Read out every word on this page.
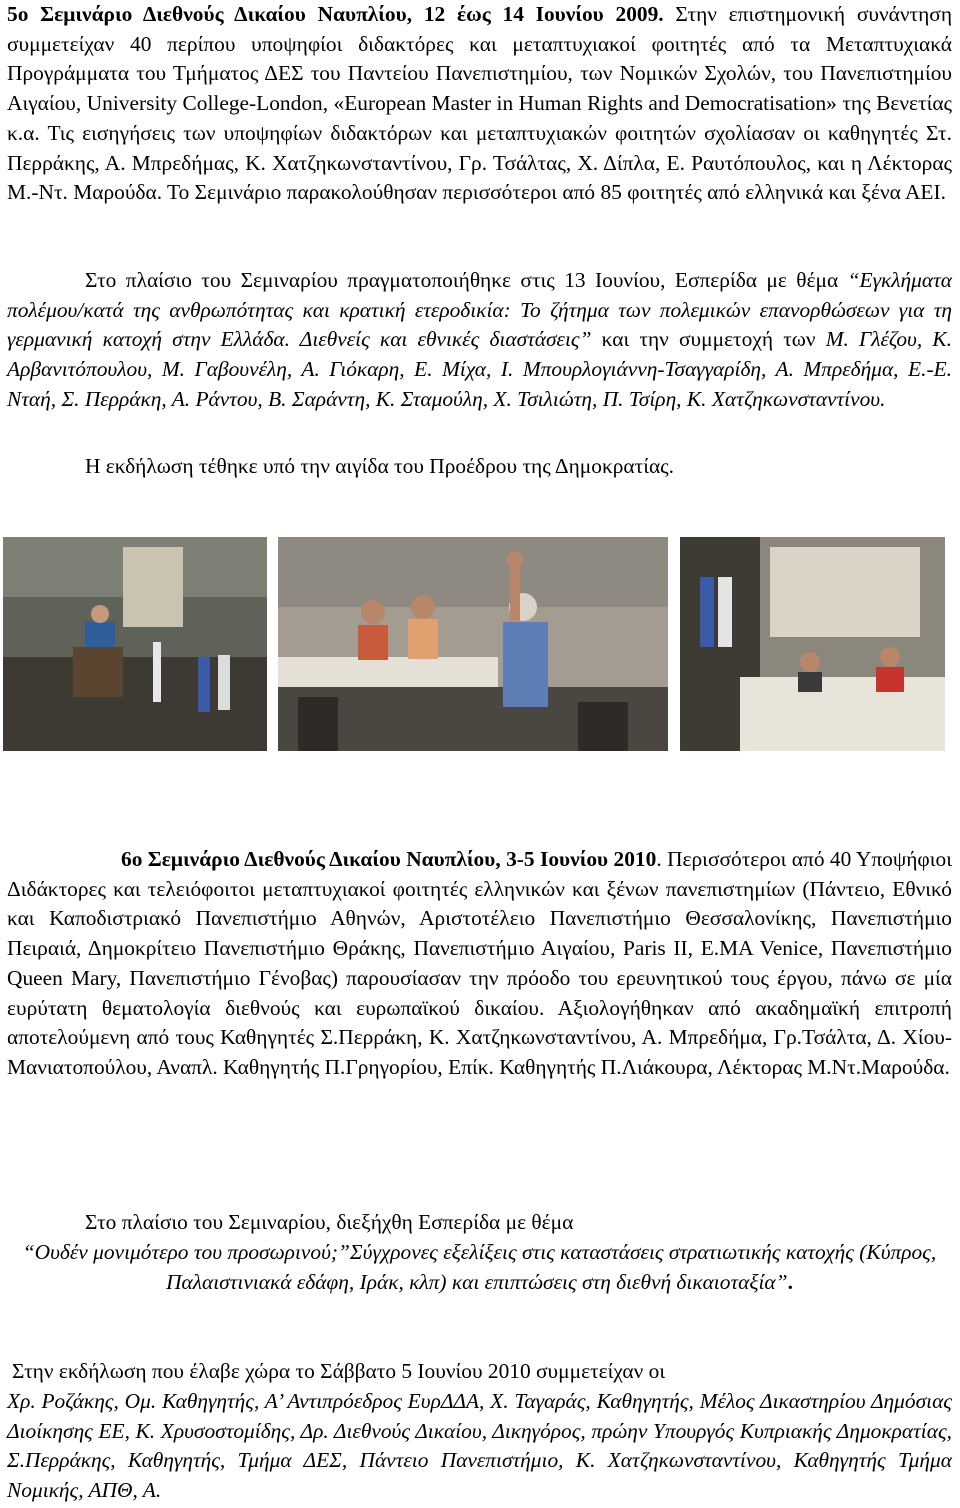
5ο Σεμινάριο Διεθνούς Δικαίου Ναυπλίου, 12 έως 14 Ιουνίου 2009. Στην επιστημονική συνάντηση συμμετείχαν 40 περίπου υποψηφίοι διδακτόρες και μεταπτυχιακοί φοιτητές από τα Μεταπτυχιακά Προγράμματα του Τμήματος ΔΕΣ του Παντείου Πανεπιστημίου, των Νομικών Σχολών, του Πανεπιστημίου Αιγαίου, University College-London, «European Master in Human Rights and Democratisation» της Βενετίας κ.α. Τις εισηγήσεις των υποψηφίων διδακτόρων και μεταπτυχιακών φοιτητών σχολίασαν οι καθηγητές Στ. Περράκης, Α. Μπρεδήμας, Κ. Χατζηκωνσταντίνου, Γρ. Τσάλτας, Χ. Δίπλα, Ε. Ραυτόπουλος, και η Λέκτορας Μ.-Ντ. Μαρούδα. Το Σεμινάριο παρακολούθησαν περισσότεροι από 85 φοιτητές από ελληνικά και ξένα ΑΕΙ.

Στο πλαίσιο του Σεμιναρίου πραγματοποιήθηκε στις 13 Ιουνίου, Εσπερίδα με θέμα “Εγκλήματα πολέμου/κατά της ανθρωπότητας και κρατική ετεροδικία: Το ζήτημα των πολεμικών επανορθώσεων για τη γερμανική κατοχή στην Ελλάδα. Διεθνείς και εθνικές διαστάσεις” και την συμμετοχή των Μ. Γλέζου, Κ. Αρβανιτόπουλου, Μ. Γαβουνέλη, Α. Γιόκαρη, Ε. Μίχα, Ι. Μπουρλογιάννη-Τσαγγαρίδη, Α. Μπρεδήμα, Ε.-Ε. Νταή, Σ. Περράκη, Α. Ράντου, Β. Σαράντη, Κ. Σταμούλη, Χ. Τσιλιώτη, Π. Τσίρη, Κ. Χατζηκωνσταντίνου.

Η εκδήλωση τέθηκε υπό την αιγίδα του Προέδρου της Δημοκρατίας.

6ο Σεμινάριο Διεθνούς Δικαίου Ναυπλίου, 3-5 Ιουνίου 2010. Περισσότεροι από 40 Υποψήφιοι Διδάκτορες και τελειόφοιτοι μεταπτυχιακοί φοιτητές ελληνικών και ξένων πανεπιστημίων (Πάντειο, Εθνικό και Καποδιστριακό Πανεπιστήμιο Αθηνών, Αριστοτέλειο Πανεπιστήμιο Θεσσαλονίκης, Πανεπιστήμιο Πειραιά, Δημοκρίτειο Πανεπιστήμιο Θράκης, Πανεπιστήμιο Αιγαίου, Paris II, E.MA Venice, Πανεπιστήμιο Queen Mary, Πανεπιστήμιο Γένοβας) παρουσίασαν την πρόοδο του ερευνητικού τους έργου, πάνω σε μία ευρύτατη θεματολογία διεθνούς και ευρωπαϊκού δικαίου. Αξιολογήθηκαν από ακαδημαϊκή επιτροπή αποτελούμενη από τους Καθηγητές Σ.Περράκη, Κ. Χατζηκωνσταντίνου, Α. Μπρεδήμα, Γρ.Τσάλτα, Δ. Χίου-Μανιατοπούλου, Αναπλ. Καθηγητής Π.Γρηγορίου, Επίκ. Καθηγητής Π.Λιάκουρα, Λέκτορας Μ.Ντ.Μαρούδα.

Στο πλαίσιο του Σεμιναρίου, διεξήχθη Εσπερίδα με θέμα

“Ουδέν μονιμότερο του προσωρινού;”Σύγχρονες εξελίξεις στις καταστάσεις στρατιωτικής κατοχής (Κύπρος, Παλαιστινιακά εδάφη, Ιράκ, κλπ) και επιπτώσεις στη διεθνή δικαιοταξία”.

Στην εκδήλωση που έλαβε χώρα το Σάββατο 5 Ιουνίου 2010 συμμετείχαν οι

Χρ. Ροζάκης, Ομ. Καθηγητής, Α’ Αντιπρόεδρος ΕυρΔΔΑ, Χ. Ταγαράς, Καθηγητής, Μέλος Δικαστηρίου Δημόσιας Διοίκησης ΕΕ, Κ. Χρυσοστομίδης, Δρ. Διεθνούς Δικαίου, Δικηγόρος, πρώην Υπουργός Κυπριακής Δημοκρατίας, Σ.Περράκης, Καθηγητής, Τμήμα ΔΕΣ, Πάντειο Πανεπιστήμιο, Κ. Χατζηκωνσταντίνου, Καθηγητής Τμήμα Νομικής, ΑΠΘ, Α.
